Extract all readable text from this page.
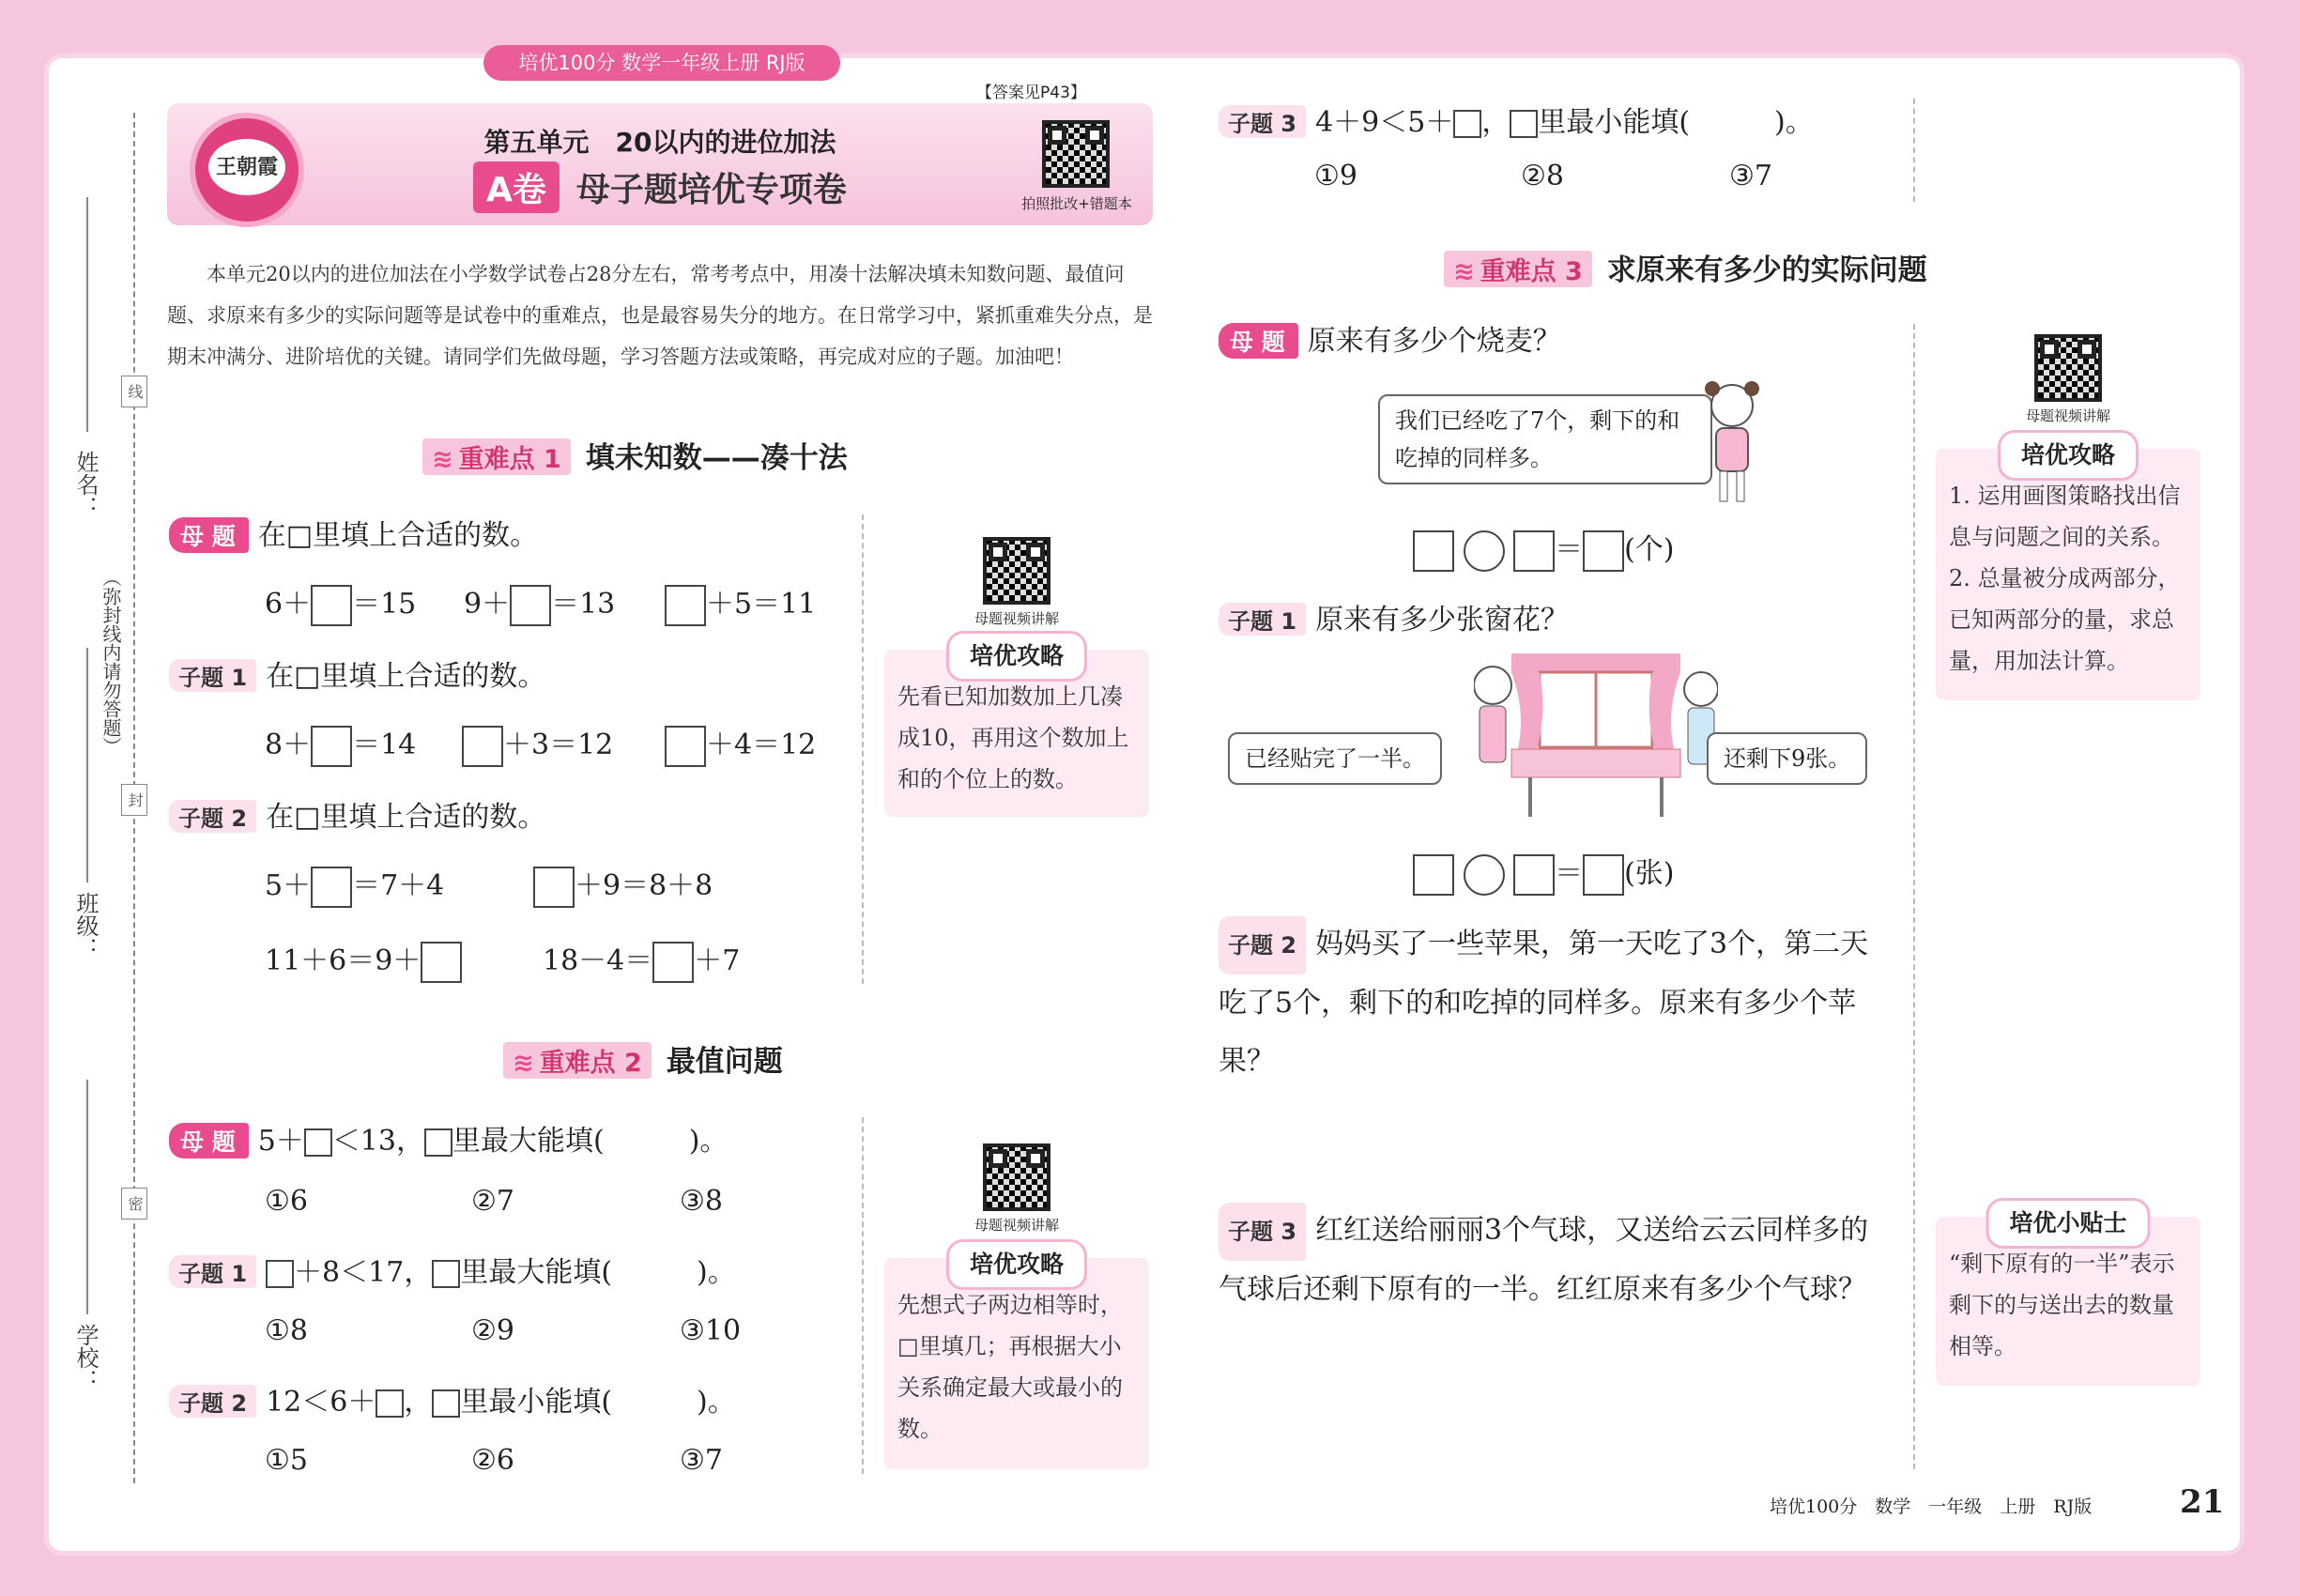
培优100分 数学一年级上册 RJ版
线
封
密
姓名：
（弥封线内请勿答题）
班级：
学校：
王朝霞
第五单元　20以内的进位加法
A卷 母子题培优专项卷	拍照批改+错题本
【答案见P43】
本单元20以内的进位加法在小学数学试卷占28分左右，常考考点中，用凑十法解决填未知数问题、最值问题、求原来有多少的实际问题等是试卷中的重难点，也是最容易失分的地方。在日常学习中，紧抓重难失分点，是期末冲满分、进阶培优的关键。请同学们先做母题，学习答题方法或策略，再完成对应的子题。加油吧！
≋ 重难点 1 填未知数——凑十法
母 题 在□里填上合适的数。
6＋ ＝15 9＋ ＝13	＋5＝11
子题 1 在□里填上合适的数。
8＋ ＝14	＋3＝12	＋4＝12
子题 2 在□里填上合适的数。
5＋ ＝7＋4	＋9＝8＋8
11＋6＝9＋	18－4＝ ＋7
母题视频讲解
培优攻略
先看已知加数加上几凑成10，再用这个数加上和的个位上的数。
≋ 重难点 2 最值问题
母 题 5＋ ＜13， 里最大能填(　　　)。
①6	②7	③8
子题 1 ＋8＜17， 里最大能填(　　　)。
①8	②9	③10
子题 2 12＜6＋ ， 里最小能填(　　　)。
①5	②6	③7
母题视频讲解
培优攻略
先想式子两边相等时，□里填几；再根据大小关系确定最大或最小的数。
子题 3 4＋9＜5＋ ， 里最小能填(　　　)。
①9	②8	③7
≋ 重难点 3 求原来有多少的实际问题
母 题 原来有多少个烧麦？
我们已经吃了7个，剩下的和吃掉的同样多。
＝ (个)
子题 1 原来有多少张窗花？
已经贴完了一半。	还剩下9张。
＝ (张)
子题 2 妈妈买了一些苹果，第一天吃了3个，第二天吃了5个，剩下的和吃掉的同样多。原来有多少个苹果？
子题 3 红红送给丽丽3个气球，又送给云云同样多的气球后还剩下原有的一半。红红原来有多少个气球？
母题视频讲解
培优攻略
1. 运用画图策略找出信息与问题之间的关系。
2. 总量被分成两部分，已知两部分的量，求总量，用加法计算。
培优小贴士
“剩下原有的一半”表示剩下的与送出去的数量相等。
培优100分　数学　一年级　上册　RJ版	21
